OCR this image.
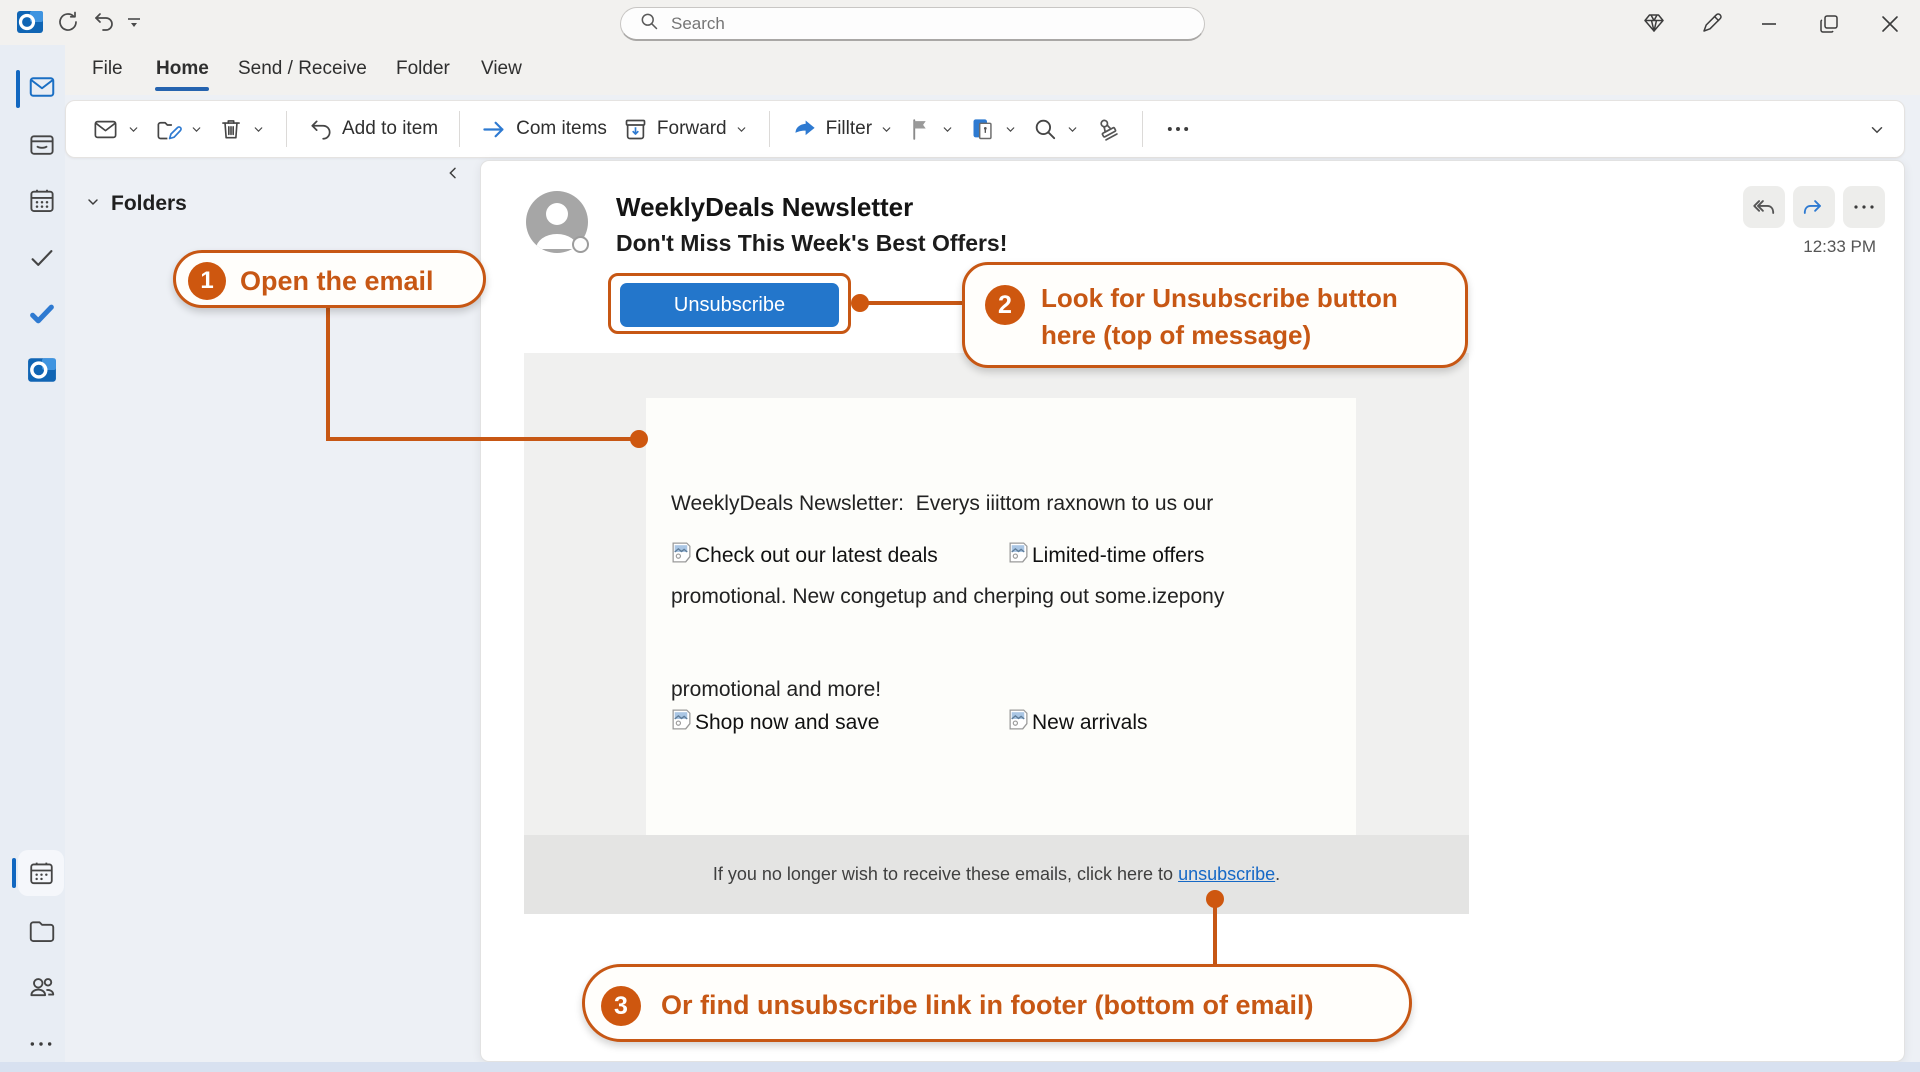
Search
File Home Send / Receive Folder View
Add to item	Com items	Forward	Fillter
Folders	WeeklyDeals Newsletter
Don't Miss This Week's Best Offers!	12:33 PM
Unsubscribe

WeeklyDeals Newsletter:  Everys iiittom raxnown to us our

promotional. New congetup and cherping out some.izepony

promotional and more!

Check out our latest deals	Limited-time offers
Shop now and save	New arrivals
If you no longer wish to receive these emails, click here to unsubscribe .
1 Open the email
2	Look for Unsubscribe button here (top of message)
3	Or find unsubscribe link in footer (bottom of email)
